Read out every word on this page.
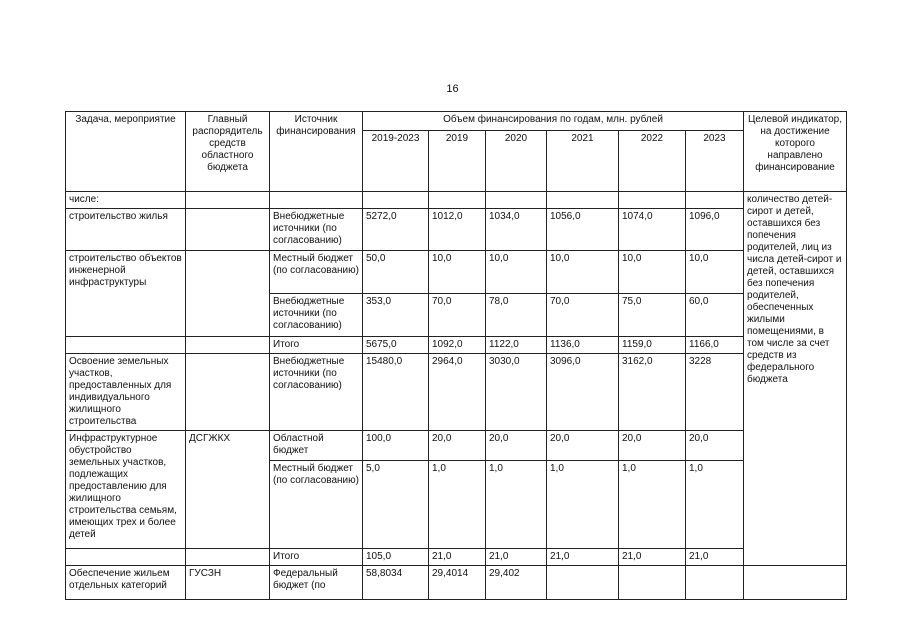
16
Задача, мероприятие	Главный распорядитель средств областного бюджета	Источник финансирования	Объем финансирования по годам, млн. рублей						Целевой индикатор, на достижение которого направлено финансирование
			2019-2023	2019	2020	2021	2022	2023	
числе:									количество детей-сирот и детей, оставшихся без попечения родителей, лиц из числа детей-сирот и детей, оставшихся без попечения родителей, обеспеченных жилыми помещениями, в том числе за счет средств из федерального бюджета
строительство жилья		Внебюджетные источники (по согласованию)	5272,0	1012,0	1034,0	1056,0	1074,0	1096,0	
строительство объектов инженерной инфраструктуры		Местный бюджет (по согласованию)	50,0	10,0	10,0	10,0	10,0	10,0	
		Внебюджетные источники (по согласованию)	353,0	70,0	78,0	70,0	75,0	60,0	
		Итого	5675,0	1092,0	1122,0	1136,0	1159,0	1166,0	
Освоение земельных участков, предоставленных для индивидуального жилищного строительства		Внебюджетные источники (по согласованию)	15480,0	2964,0	3030,0	3096,0	3162,0	3228	
Инфраструктурное обустройство земельных участков, подлежащих предоставлению для жилищного строительства семьям, имеющих трех и более детей	ДСГЖКХ	Областной бюджет	100,0	20,0	20,0	20,0	20,0	20,0	
		Местный бюджет (по согласованию)	5,0	1,0	1,0	1,0	1,0	1,0	
		Итого	105,0	21,0	21,0	21,0	21,0	21,0	
Обеспечение жильем отдельных категорий	ГУСЗН	Федеральный бюджет (по	58,8034	29,4014	29,402				
